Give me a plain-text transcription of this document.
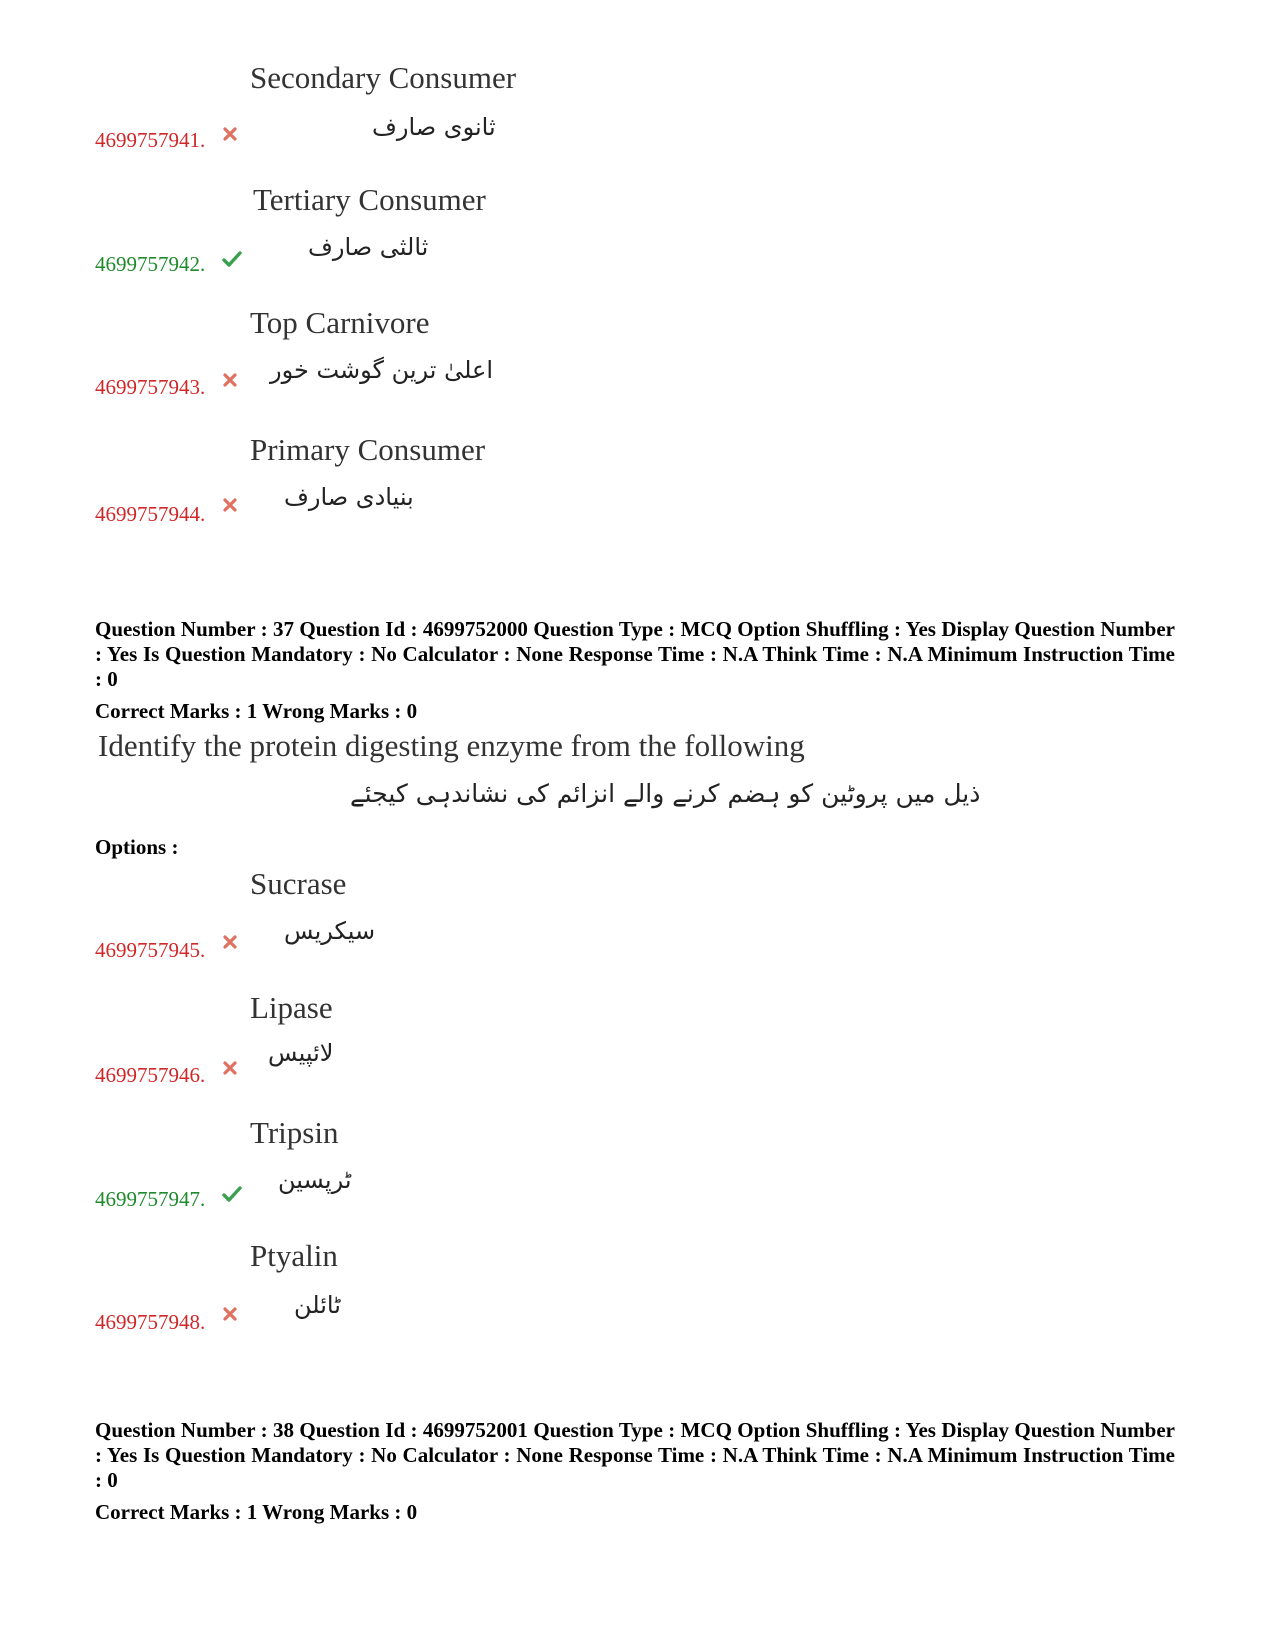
Secondary Consumer
ثانوی صارف
4699757941.
Tertiary Consumer
ثالثی صارف
4699757942.
Top Carnivore
اعلیٰ ترین گوشت خور
4699757943.
Primary Consumer
بنیادی صارف
4699757944.
Question Number : 37 Question Id : 4699752000 Question Type : MCQ Option Shuffling : Yes Display Question Number : Yes Is Question Mandatory : No Calculator : None Response Time : N.A Think Time : N.A Minimum Instruction Time : 0
Correct Marks : 1 Wrong Marks : 0
Identify the protein digesting enzyme from the following
ذیل میں پروٹین کو ہضم کرنے والے انزائم کی نشاندہی کیجئے
Options :
Sucrase
سیکریس
4699757945.
Lipase
لائپیس
4699757946.
Tripsin
ٹرپسین
4699757947.
Ptyalin
ٹائلن
4699757948.
Question Number : 38 Question Id : 4699752001 Question Type : MCQ Option Shuffling : Yes Display Question Number : Yes Is Question Mandatory : No Calculator : None Response Time : N.A Think Time : N.A Minimum Instruction Time : 0
Correct Marks : 1 Wrong Marks : 0
